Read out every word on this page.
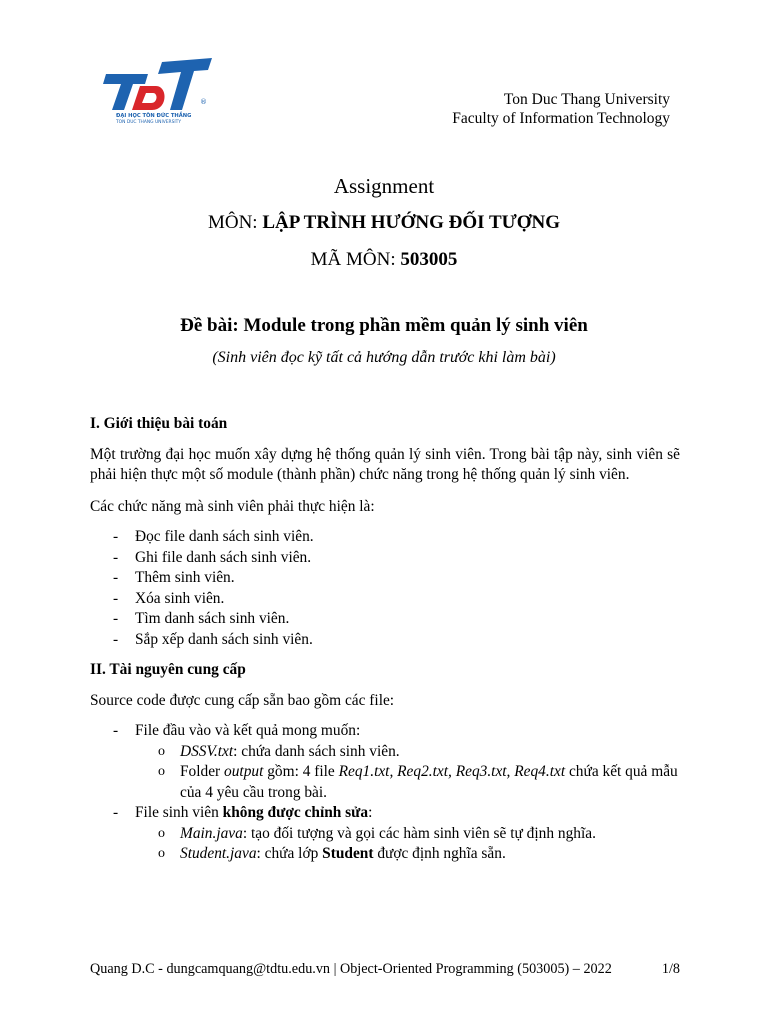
®
ĐẠI HỌC TÔN ĐỨC THẮNG
TON DUC THANG UNIVERSITY
Ton Duc Thang University
Faculty of Information Technology
Assignment
MÔN: LẬP TRÌNH HƯỚNG ĐỐI TƯỢNG
MÃ MÔN: 503005
Đề bài: Module trong phần mềm quản lý sinh viên
(Sinh viên đọc kỹ tất cả hướng dẫn trước khi làm bài)

I. Giới thiệu bài toán

Một trường đại học muốn xây dựng hệ thống quản lý sinh viên. Trong bài tập này, sinh viên sẽ phải hiện thực một số module (thành phần) chức năng trong hệ thống quản lý sinh viên.

Các chức năng mà sinh viên phải thực hiện là:

- Đọc file danh sách sinh viên.
- Ghi file danh sách sinh viên.
- Thêm sinh viên.
- Xóa sinh viên.
- Tìm danh sách sinh viên.
- Sắp xếp danh sách sinh viên.

II. Tài nguyên cung cấp

Source code được cung cấp sẵn bao gồm các file:

- File đầu vào và kết quả mong muốn:
o DSSV.txt: chứa danh sách sinh viên.
o Folder output gồm: 4 file Req1.txt, Req2.txt, Req3.txt, Req4.txt chứa kết quả mẫu của 4 yêu cầu trong bài.
- File sinh viên không được chỉnh sửa:
o Main.java: tạo đối tượng và gọi các hàm sinh viên sẽ tự định nghĩa.
o Student.java: chứa lớp Student được định nghĩa sẵn.
Quang D.C - dungcamquang@tdtu.edu.vn | Object-Oriented Programming (503005) – 2022	1/8
